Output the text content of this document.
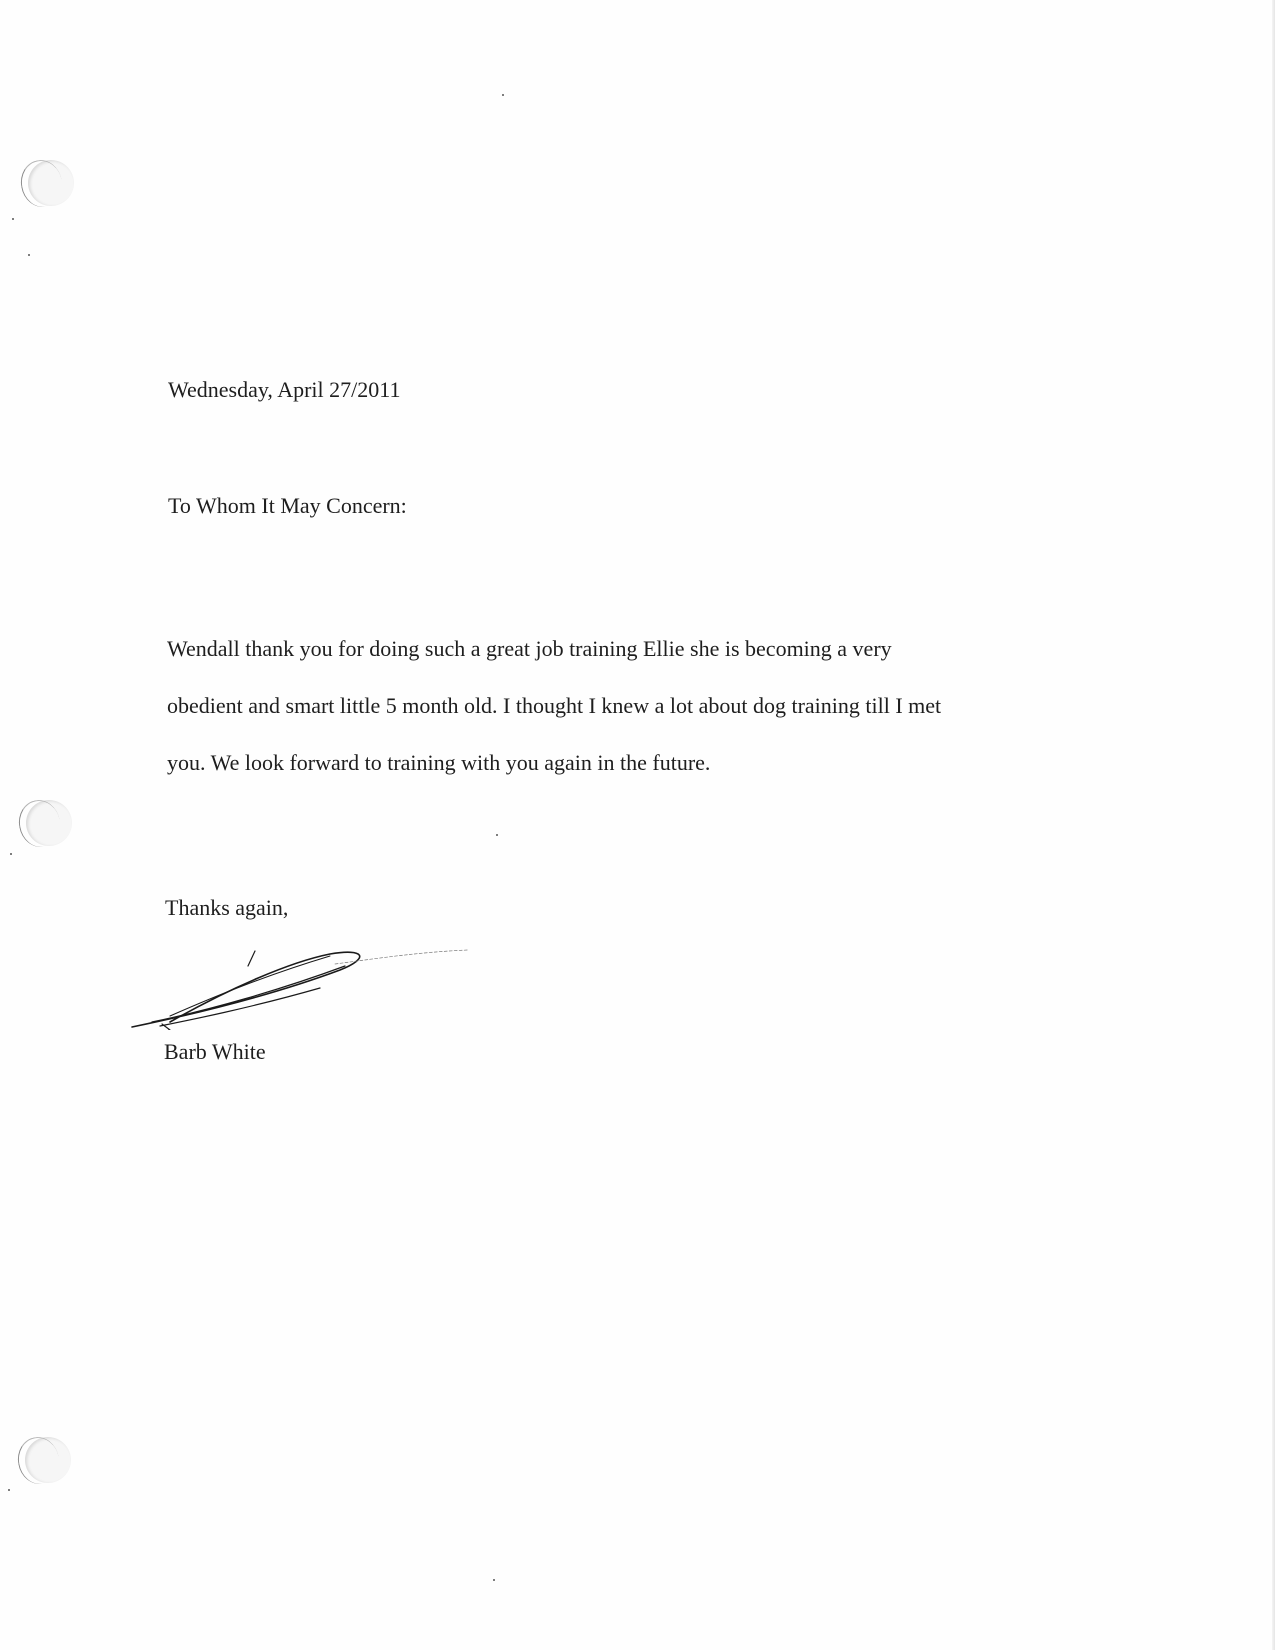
Wednesday, April 27/2011
To Whom It May Concern:
Wendall thank you for doing such a great job training Ellie she is becoming a very
obedient and smart little 5 month old. I thought I knew a lot about dog training till I met
you. We look forward to training with you again in the future.
Thanks again,
Barb White
